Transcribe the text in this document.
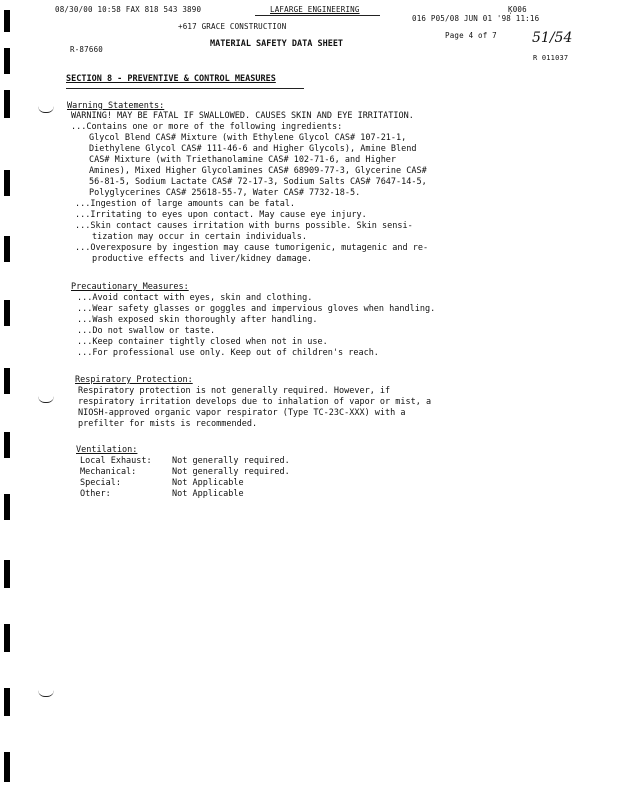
08/30/00 10:58 FAX 818 543 3890	LAFARGE ENGINEERING	Ķ006
016 P05/08 JUN 01 '98 11:16
51/54
+617 GRACE CONSTRUCTION
MATERIAL SAFETY DATA SHEET
Page 4 of 7
R-87660
R 011037
SECTION 8 - PREVENTIVE & CONTROL MEASURES
Warning Statements:
WARNING! MAY BE FATAL IF SWALLOWED. CAUSES SKIN AND EYE IRRITATION.
...Contains one or more of the following ingredients:
Glycol Blend CAS# Mixture (with Ethylene Glycol CAS# 107-21-1,
Diethylene Glycol CAS# 111-46-6 and Higher Glycols), Amine Blend
CAS# Mixture (with Triethanolamine CAS# 102-71-6, and Higher
Amines), Mixed Higher Glycolamines CAS# 68909-77-3, Glycerine CAS#
56-81-5, Sodium Lactate CAS# 72-17-3, Sodium Salts CAS# 7647-14-5,
Polyglycerines CAS# 25618-55-7, Water CAS# 7732-18-5.
...Ingestion of large amounts can be fatal.
...Irritating to eyes upon contact. May cause eye injury.
...Skin contact causes irritation with burns possible. Skin sensi-
tization may occur in certain individuals.
...Overexposure by ingestion may cause tumorigenic, mutagenic and re-
productive effects and liver/kidney damage.
Precautionary Measures:
...Avoid contact with eyes, skin and clothing.
...Wear safety glasses or goggles and impervious gloves when handling.
...Wash exposed skin thoroughly after handling.
...Do not swallow or taste.
...Keep container tightly closed when not in use.
...For professional use only. Keep out of children's reach.
Respiratory Protection:
Respiratory protection is not generally required. However, if
respiratory irritation develops due to inhalation of vapor or mist, a
NIOSH-approved organic vapor respirator (Type TC-23C-XXX) with a
prefilter for mists is recommended.
Ventilation:
Local Exhaust: Not generally required.
Mechanical:	Not generally required.
Special:	Not Applicable
Other:	Not Applicable
